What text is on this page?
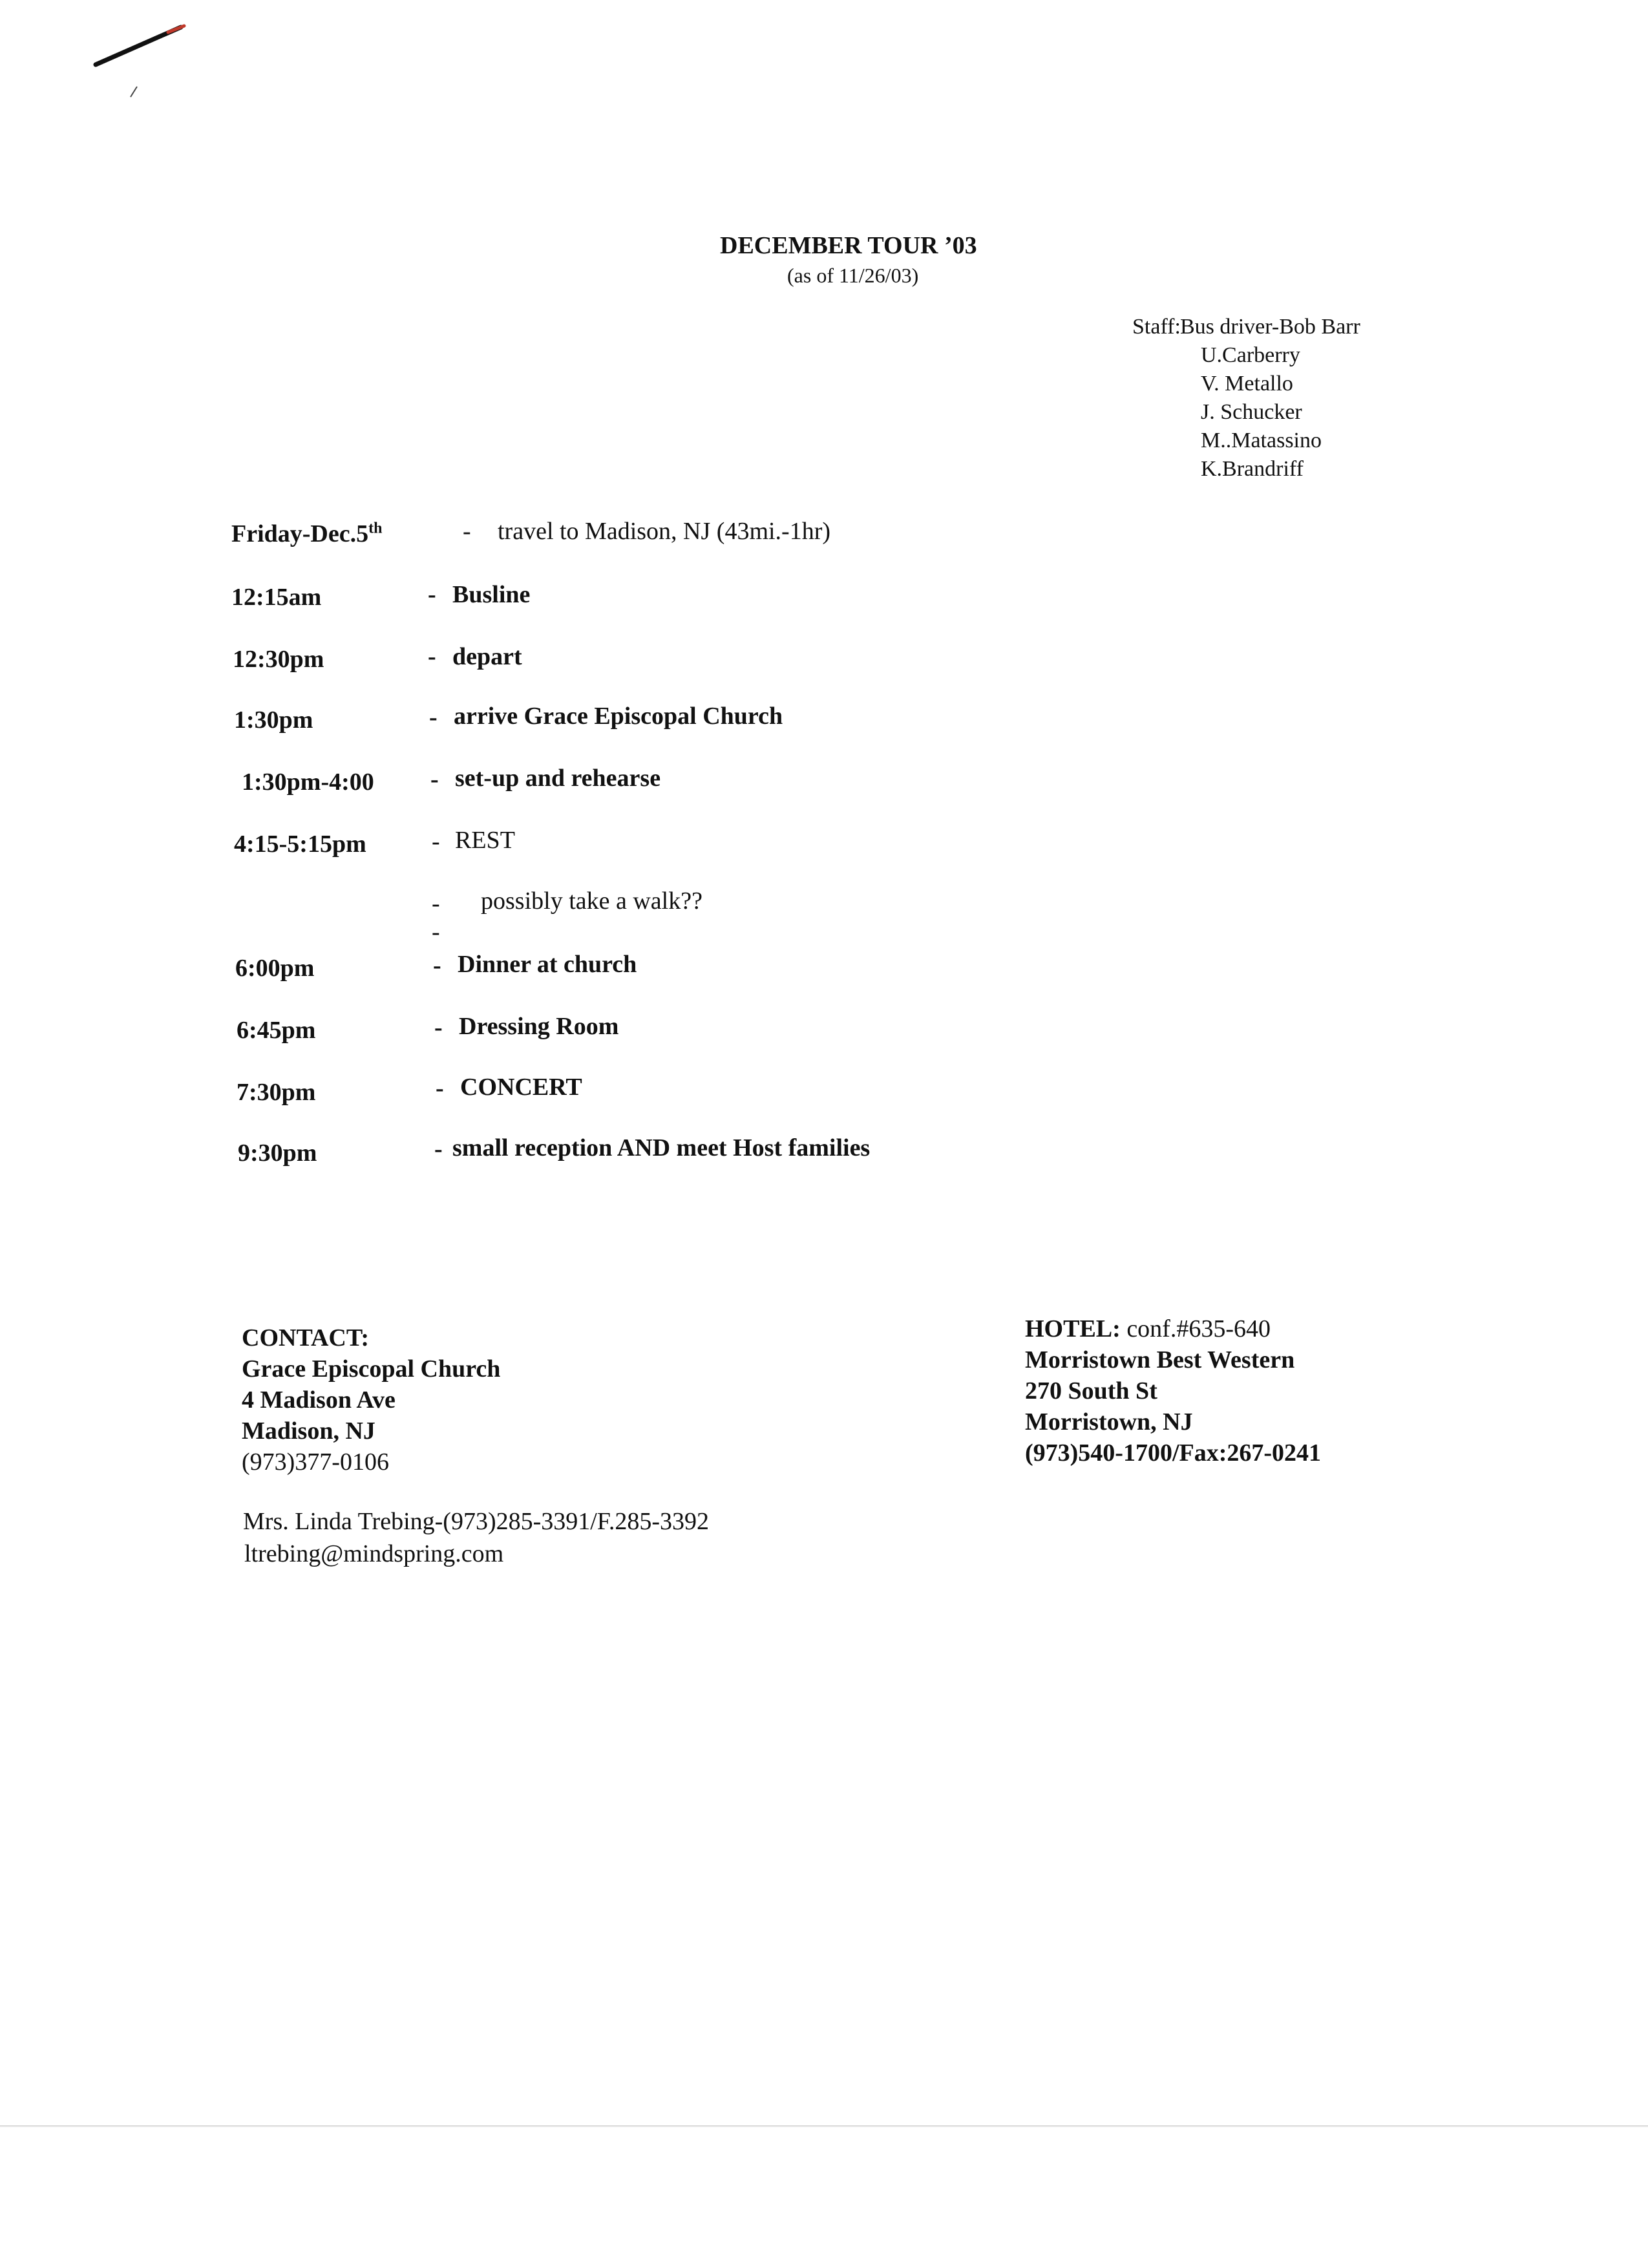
DECEMBER TOUR ’03
(as of 11/26/03)
Staff: Bus driver-Bob Barr
U.Carberry
V. Metallo
J. Schucker
M..Matassino
K.Brandriff
Friday-Dec.5th	- travel to Madison, NJ (43mi.-1hr)
12:15am	- Busline
12:30pm	- depart
1:30pm	- arrive Grace Episcopal Church
1:30pm-4:00 - set-up and rehearse
4:15-5:15pm	- REST
- possibly take a walk??
-
6:00pm	- Dinner at church
6:45pm	- Dressing Room
7:30pm	- CONCERT
9:30pm	- small reception AND meet Host families
CONTACT:
Grace Episcopal Church
4 Madison Ave
Madison, NJ
(973)377-0106
Mrs. Linda Trebing-(973)285-3391/F.285-3392
ltrebing@mindspring.com
HOTEL: conf.#635-640
Morristown Best Western
270 South St
Morristown, NJ
(973)540-1700/Fax:267-0241
